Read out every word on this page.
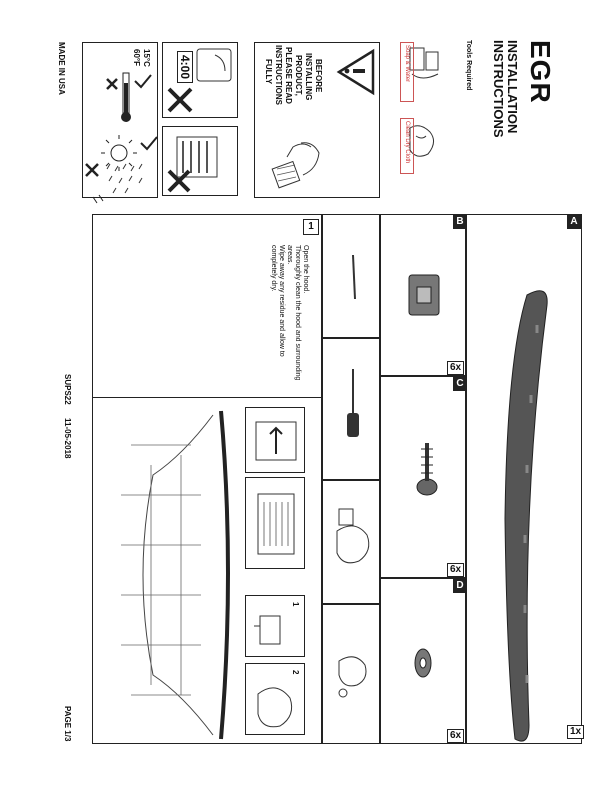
EGR
INSTALLATION
INSTRUCTIONS
Tools Required
Soap & Water
Clean Dry Cloth
BEFORE
INSTALLING
PRODUCT,
PLEASE READ
INSTRUCTIONS
FULLY
4:00
15°C
60°F
MADE IN USA
A
1x
B
6x
C
6x
D
6x
1
Open the hood.
Thoroughly clean the hood and surrounding
areas.
Wipe away any residue and allow to
completely dry.
1
2
SUPS22
11-05-2018
PAGE 1/3
